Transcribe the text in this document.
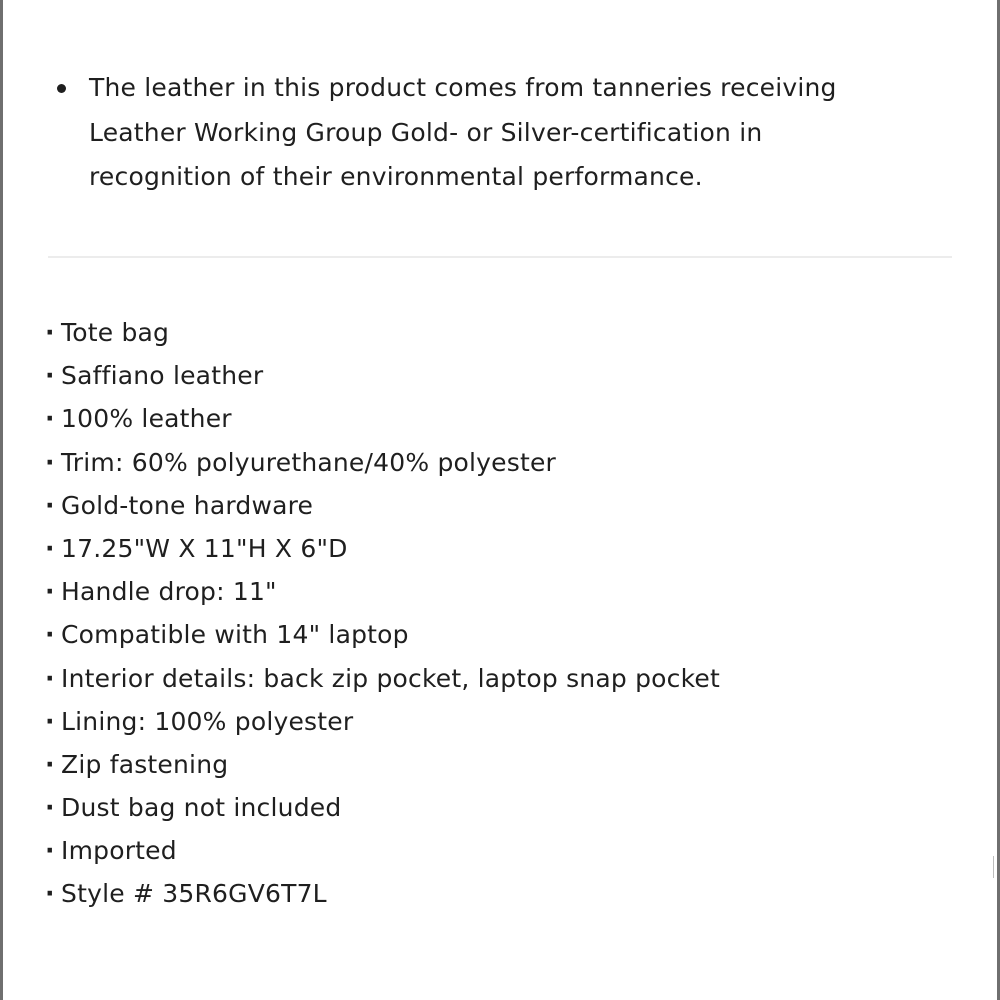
The leather in this product comes from tanneries receiving Leather Working Group Gold- or Silver-certification in recognition of their environmental performance.
· Tote bag
· Saffiano leather
· 100% leather
· Trim: 60% polyurethane/40% polyester
· Gold-tone hardware
· 17.25"W X 11"H X 6"D
· Handle drop: 11"
· Compatible with 14" laptop
· Interior details: back zip pocket, laptop snap pocket
· Lining: 100% polyester
· Zip fastening
· Dust bag not included
· Imported
· Style # 35R6GV6T7L
